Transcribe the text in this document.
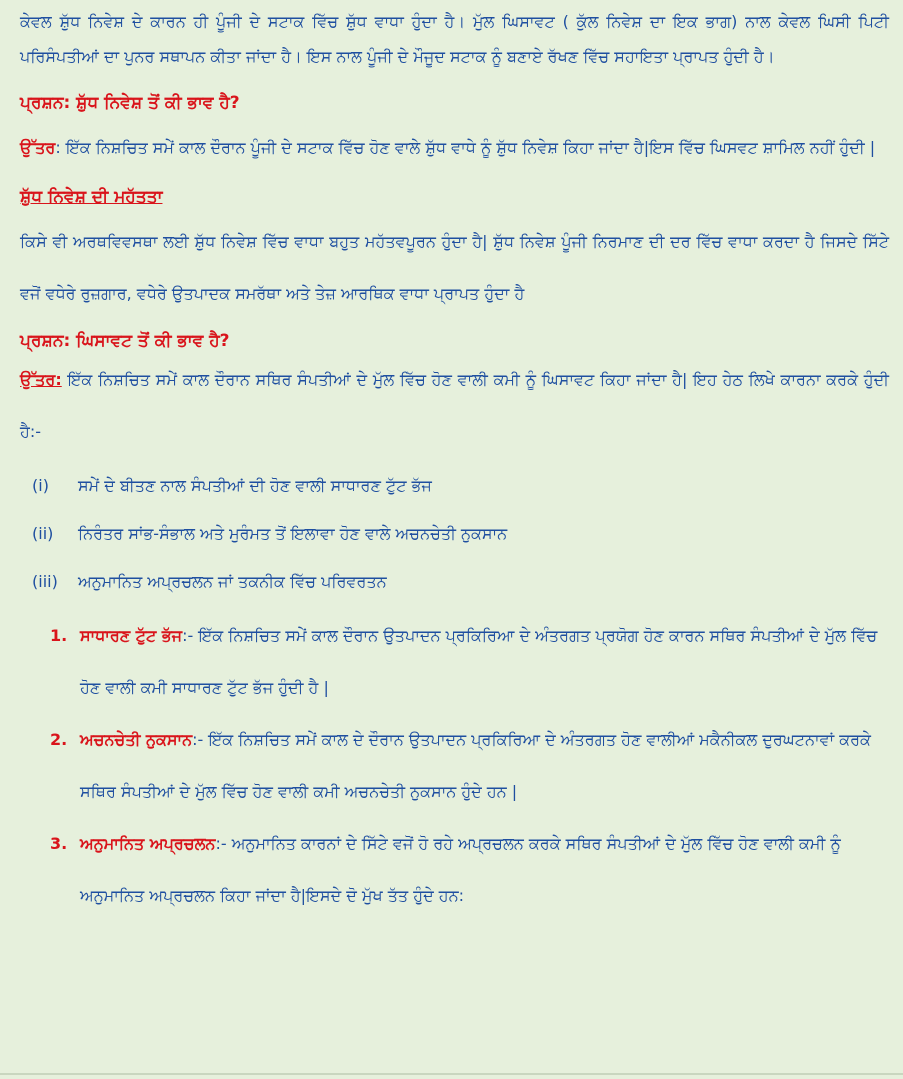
ਕੇਵਲ ਸ਼ੁੱਧ ਨਿਵੇਸ਼ ਦੇ ਕਾਰਨ ਹੀ ਪੂੰਜੀ ਦੇ ਸਟਾਕ ਵਿੱਚ ਸ਼ੁੱਧ ਵਾਧਾ ਹੁੰਦਾ ਹੈ। ਮੁੱਲ ਘਿਸਾਵਟ ( ਕੁੱਲ ਨਿਵੇਸ਼ ਦਾ ਇਕ ਭਾਗ) ਨਾਲ ਕੇਵਲ ਘਿਸੀ ਪਿਟੀ ਪਰਿਸੰਪਤੀਆਂ ਦਾ ਪੁਨਰ ਸਥਾਪਨ ਕੀਤਾ ਜਾਂਦਾ ਹੈ। ਇਸ ਨਾਲ ਪੂੰਜੀ ਦੇ ਮੌਜੂਦ ਸਟਾਕ ਨੂੰ ਬਣਾਏ ਰੱਖਣ ਵਿੱਚ ਸਹਾਇਤਾ ਪ੍ਰਾਪਤ ਹੁੰਦੀ ਹੈ।

ਪ੍ਰਸ਼ਨ: ਸ਼ੁੱਧ ਨਿਵੇਸ਼ ਤੋਂ ਕੀ ਭਾਵ ਹੈ?

ਉੱਤਰ: ਇੱਕ ਨਿਸ਼ਚਿਤ ਸਮੇਂ ਕਾਲ ਦੌਰਾਨ ਪੂੰਜੀ ਦੇ ਸਟਾਕ ਵਿੱਚ ਹੋਣ ਵਾਲੇ ਸ਼ੁੱਧ ਵਾਧੇ ਨੂੰ ਸ਼ੁੱਧ ਨਿਵੇਸ਼ ਕਿਹਾ ਜਾਂਦਾ ਹੈ|ਇਸ ਵਿੱਚ ਘਿਸਵਟ ਸ਼ਾਮਿਲ ਨਹੀਂ ਹੁੰਦੀ |

ਸ਼ੁੱਧ ਨਿਵੇਸ਼ ਦੀ ਮਹੱਤਤਾ

ਕਿਸੇ ਵੀ ਅਰਥਵਿਵਸਥਾ ਲਈ ਸ਼ੁੱਧ ਨਿਵੇਸ਼ ਵਿੱਚ ਵਾਧਾ ਬਹੁਤ ਮਹੱਤਵਪੂਰਨ ਹੁੰਦਾ ਹੈ| ਸ਼ੁੱਧ ਨਿਵੇਸ਼ ਪੂੰਜੀ ਨਿਰਮਾਣ ਦੀ ਦਰ ਵਿੱਚ ਵਾਧਾ ਕਰਦਾ ਹੈ ਜਿਸਦੇ ਸਿੱਟੇ ਵਜੋਂ ਵਧੇਰੇ ਰੁਜ਼ਗਾਰ, ਵਧੇਰੇ ਉਤਪਾਦਕ ਸਮਰੱਥਾ ਅਤੇ ਤੇਜ਼ ਆਰਥਿਕ ਵਾਧਾ ਪ੍ਰਾਪਤ ਹੁੰਦਾ ਹੈ

ਪ੍ਰਸ਼ਨ: ਘਿਸਾਵਟ ਤੋਂ ਕੀ ਭਾਵ ਹੈ?

ਉੱਤਰ: ਇੱਕ ਨਿਸ਼ਚਿਤ ਸਮੇਂ ਕਾਲ ਦੌਰਾਨ ਸਥਿਰ ਸੰਪਤੀਆਂ ਦੇ ਮੁੱਲ ਵਿੱਚ ਹੋਣ ਵਾਲੀ ਕਮੀ ਨੂੰ ਘਿਸਾਵਟ ਕਿਹਾ ਜਾਂਦਾ ਹੈ| ਇਹ ਹੇਠ ਲਿਖੇ ਕਾਰਨਾ ਕਰਕੇ ਹੁੰਦੀ ਹੈ:-

(i)	ਸਮੇਂ ਦੇ ਬੀਤਣ ਨਾਲ ਸੰਪਤੀਆਂ ਦੀ ਹੋਣ ਵਾਲੀ ਸਾਧਾਰਣ ਟੁੱਟ ਭੱਜ
(ii)	ਨਿਰੰਤਰ ਸਾਂਭ-ਸੰਭਾਲ ਅਤੇ ਮੁਰੰਮਤ ਤੋਂ ਇਲਾਵਾ ਹੋਣ ਵਾਲੇ ਅਚਨਚੇਤੀ ਨੁਕਸਾਨ
(iii)	ਅਨੁਮਾਨਿਤ ਅਪ੍ਰਚਲਨ ਜਾਂ ਤਕਨੀਕ ਵਿੱਚ ਪਰਿਵਰਤਨ
1. ਸਾਧਾਰਣ ਟੁੱਟ ਭੱਜ:- ਇੱਕ ਨਿਸ਼ਚਿਤ ਸਮੇਂ ਕਾਲ ਦੌਰਾਨ ਉਤਪਾਦਨ ਪ੍ਰਕਿਰਿਆ ਦੇ ਅੰਤਰਗਤ ਪ੍ਰਯੋਗ ਹੋਣ ਕਾਰਨ ਸਥਿਰ ਸੰਪਤੀਆਂ ਦੇ ਮੁੱਲ ਵਿੱਚ ਹੋਣ ਵਾਲੀ ਕਮੀ ਸਾਧਾਰਣ ਟੁੱਟ ਭੱਜ ਹੁੰਦੀ ਹੈ |
2. ਅਚਨਚੇਤੀ ਨੁਕਸਾਨ:- ਇੱਕ ਨਿਸ਼ਚਿਤ ਸਮੇਂ ਕਾਲ ਦੇ ਦੌਰਾਨ ਉਤਪਾਦਨ ਪ੍ਰਕਿਰਿਆ ਦੇ ਅੰਤਰਗਤ ਹੋਣ ਵਾਲੀਆਂ ਮਕੈਨੀਕਲ ਦੁਰਘਟਨਾਵਾਂ ਕਰਕੇ ਸਥਿਰ ਸੰਪਤੀਆਂ ਦੇ ਮੁੱਲ ਵਿੱਚ ਹੋਣ ਵਾਲੀ ਕਮੀ ਅਚਨਚੇਤੀ ਨੁਕਸਾਨ ਹੁੰਦੇ ਹਨ |
3. ਅਨੁਮਾਨਿਤ ਅਪ੍ਰਚਲਨ:- ਅਨੁਮਾਨਿਤ ਕਾਰਨਾਂ ਦੇ ਸਿੱਟੇ ਵਜੋਂ ਹੋ ਰਹੇ ਅਪ੍ਰਚਲਨ ਕਰਕੇ ਸਥਿਰ ਸੰਪਤੀਆਂ ਦੇ ਮੁੱਲ ਵਿੱਚ ਹੋਣ ਵਾਲੀ ਕਮੀ ਨੂੰ ਅਨੁਮਾਨਿਤ ਅਪ੍ਰਚਲਨ ਕਿਹਾ ਜਾਂਦਾ ਹੈ|ਇਸਦੇ ਦੋ ਮੁੱਖ ਤੱਤ ਹੁੰਦੇ ਹਨ:
